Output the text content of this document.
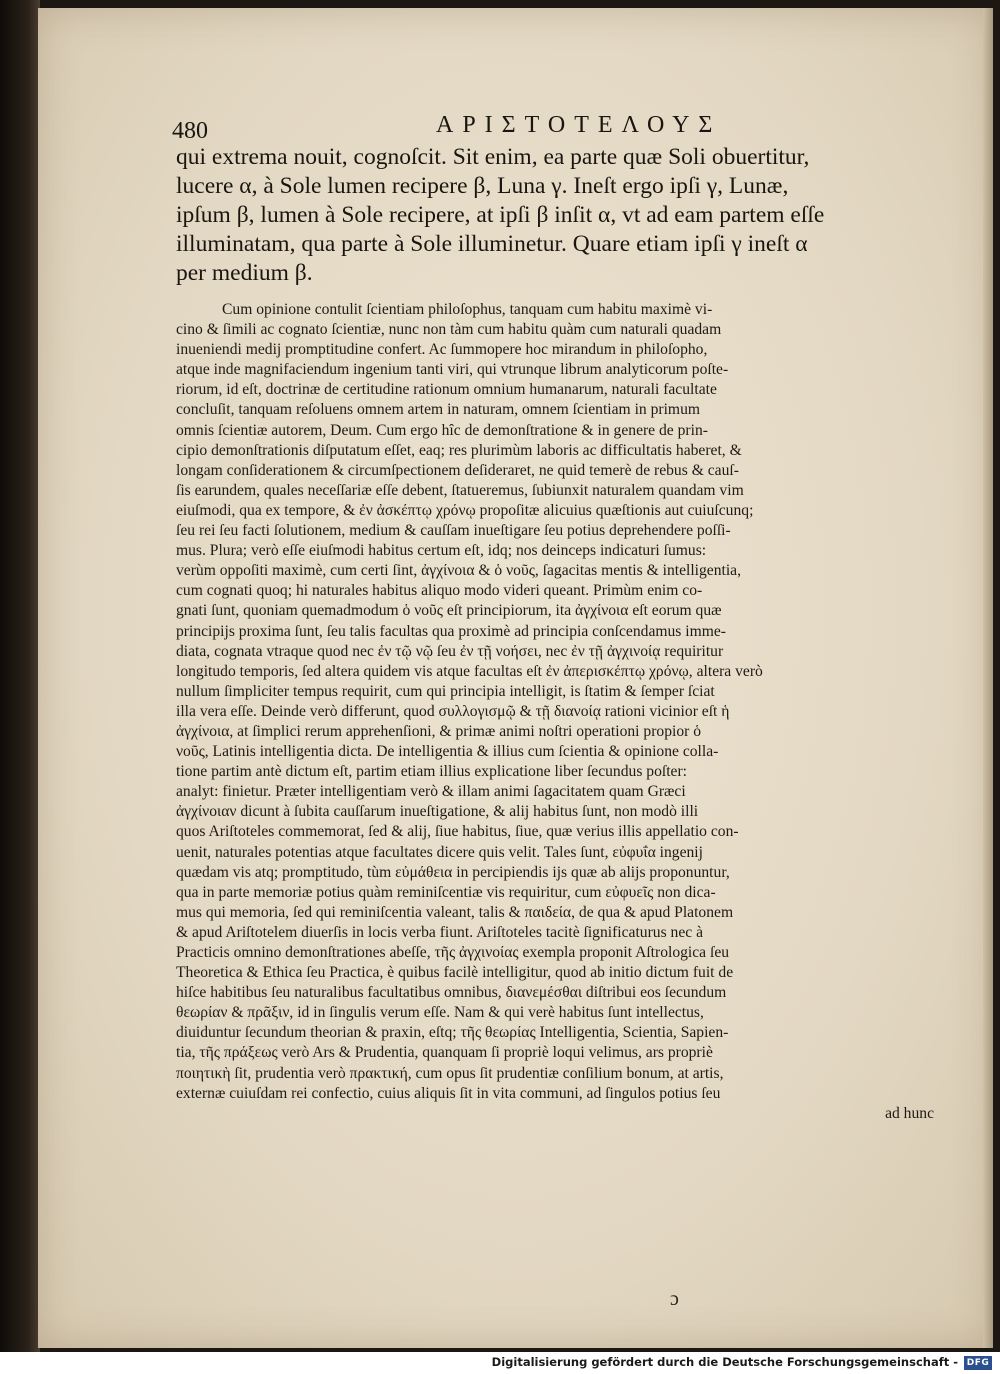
480	ΑΡΙΣΤΟΤΕΛΟΥΣ
qui extrema nouit, cognoſcit. Sit enim, ea parte quæ Soli obuertitur,
lucere α, à Sole lumen recipere β, Luna γ. Ineſt ergo ipſi γ, Lunæ,
ipſum β, lumen à Sole recipere, at ipſi β inſit α, vt ad eam partem eſſe
illuminatam, qua parte à Sole illuminetur. Quare etiam ipſi γ ineſt α
per medium β.
Cum opinione contulit ſcientiam philoſophus, tanquam cum habitu maximè vi-
cino & ſimili ac cognato ſcientiæ, nunc non tàm cum habitu quàm cum naturali quadam
inueniendi medij promptitudine confert. Ac ſummopere hoc mirandum in philoſopho,
atque inde magnifaciendum ingenium tanti viri, qui vtrunque librum analyticorum poſte-
riorum, id eſt, doctrinæ de certitudine rationum omnium humanarum, naturali facultate
concluſit, tanquam reſoluens omnem artem in naturam, omnem ſcientiam in primum
omnis ſcientiæ autorem, Deum. Cum ergo hîc de demonſtratione & in genere de prin-
cipio demonſtrationis diſputatum eſſet, eaq; res plurimùm laboris ac difficultatis haberet, &
longam conſiderationem & circumſpectionem deſideraret, ne quid temerè de rebus & cauſ-
ſis earundem, quales neceſſariæ eſſe debent, ſtatueremus, ſubiunxit naturalem quandam vim
eiuſmodi, qua ex tempore, & ἐν ἀσκέπτῳ χρόνῳ propoſitæ alicuius quæſtionis aut cuiuſcunq;
ſeu rei ſeu facti ſolutionem, medium & cauſſam inueſtigare ſeu potius deprehendere poſſi-
mus. Plura; verò eſſe eiuſmodi habitus certum eſt, idq; nos deinceps indicaturi ſumus:
verùm oppoſiti maximè, cum certi ſint, ἀγχίνοια & ὁ νοῦς, ſagacitas mentis & intelligentia,
cum cognati quoq; hi naturales habitus aliquo modo videri queant. Primùm enim co-
gnati ſunt, quoniam quemadmodum ὁ νοῦς eſt principiorum, ita ἀγχίνοια eſt eorum quæ
principijs proxima ſunt, ſeu talis facultas qua proximè ad principia conſcendamus imme-
diata, cognata vtraque quod nec ἐν τῷ νῷ ſeu ἐν τῇ νοήσει, nec ἐν τῇ ἀγχινοίᾳ requiritur
longitudo temporis, ſed altera quidem vis atque facultas eſt ἐν ἀπερισκέπτῳ χρόνῳ, altera verò
nullum ſimpliciter tempus requirit, cum qui principia intelligit, is ſtatim & ſemper ſciat
illa vera eſſe. Deinde verò differunt, quod συλλογισμῷ & τῇ διανοίᾳ rationi vicinior eſt ἡ
ἀγχίνοια, at ſimplici rerum apprehenſioni, & primæ animi noſtri operationi propior ὁ
νοῦς, Latinis intelligentia dicta. De intelligentia & illius cum ſcientia & opinione colla-
tione partim antè dictum eſt, partim etiam illius explicatione liber ſecundus poſter:
analyt: finietur. Præter intelligentiam verò & illam animi ſagacitatem quam Græci
ἀγχίνοιαν dicunt à ſubita cauſſarum inueſtigatione, & alij habitus ſunt, non modò illi
quos Ariſtoteles commemorat, ſed & alij, ſiue habitus, ſiue, quæ verius illis appellatio con-
uenit, naturales potentias atque facultates dicere quis velit. Tales ſunt, εὐφυΐα ingenij
quædam vis atq; promptitudo, tùm εὐμάθεια in percipiendis ijs quæ ab alijs proponuntur,
qua in parte memoriæ potius quàm reminiſcentiæ vis requiritur, cum εὐφυεῖς non dica-
mus qui memoria, ſed qui reminiſcentia valeant, talis & παιδεία, de qua & apud Platonem
& apud Ariſtotelem diuerſis in locis verba fiunt. Ariſtoteles tacitè ſignificaturus nec à
Practicis omnino demonſtrationes abeſſe, τῆς ἀγχινοίας exempla proponit Aſtrologica ſeu
Theoretica & Ethica ſeu Practica, è quibus facilè intelligitur, quod ab initio dictum fuit de
hiſce habitibus ſeu naturalibus facultatibus omnibus, διανεμέσθαι diſtribui eos ſecundum
θεωρίαν & πρᾶξιν, id in ſingulis verum eſſe. Nam & qui verè habitus ſunt intellectus,
diuiduntur ſecundum theorian & praxin, eſtq; τῆς θεωρίας Intelligentia, Scientia, Sapien-
tia, τῆς πράξεως verò Ars & Prudentia, quanquam ſi propriè loqui velimus, ars propriè
ποιητικὴ ſit, prudentia verò πρακτική, cum opus ſit prudentiæ conſilium bonum, at artis,
externæ cuiuſdam rei confectio, cuius aliquis ſit in vita communi, ad ſingulos potius ſeu
ad hunc
ɔ
Digitalisierung gefördert durch die Deutsche Forschungsgemeinschaft - DFG
